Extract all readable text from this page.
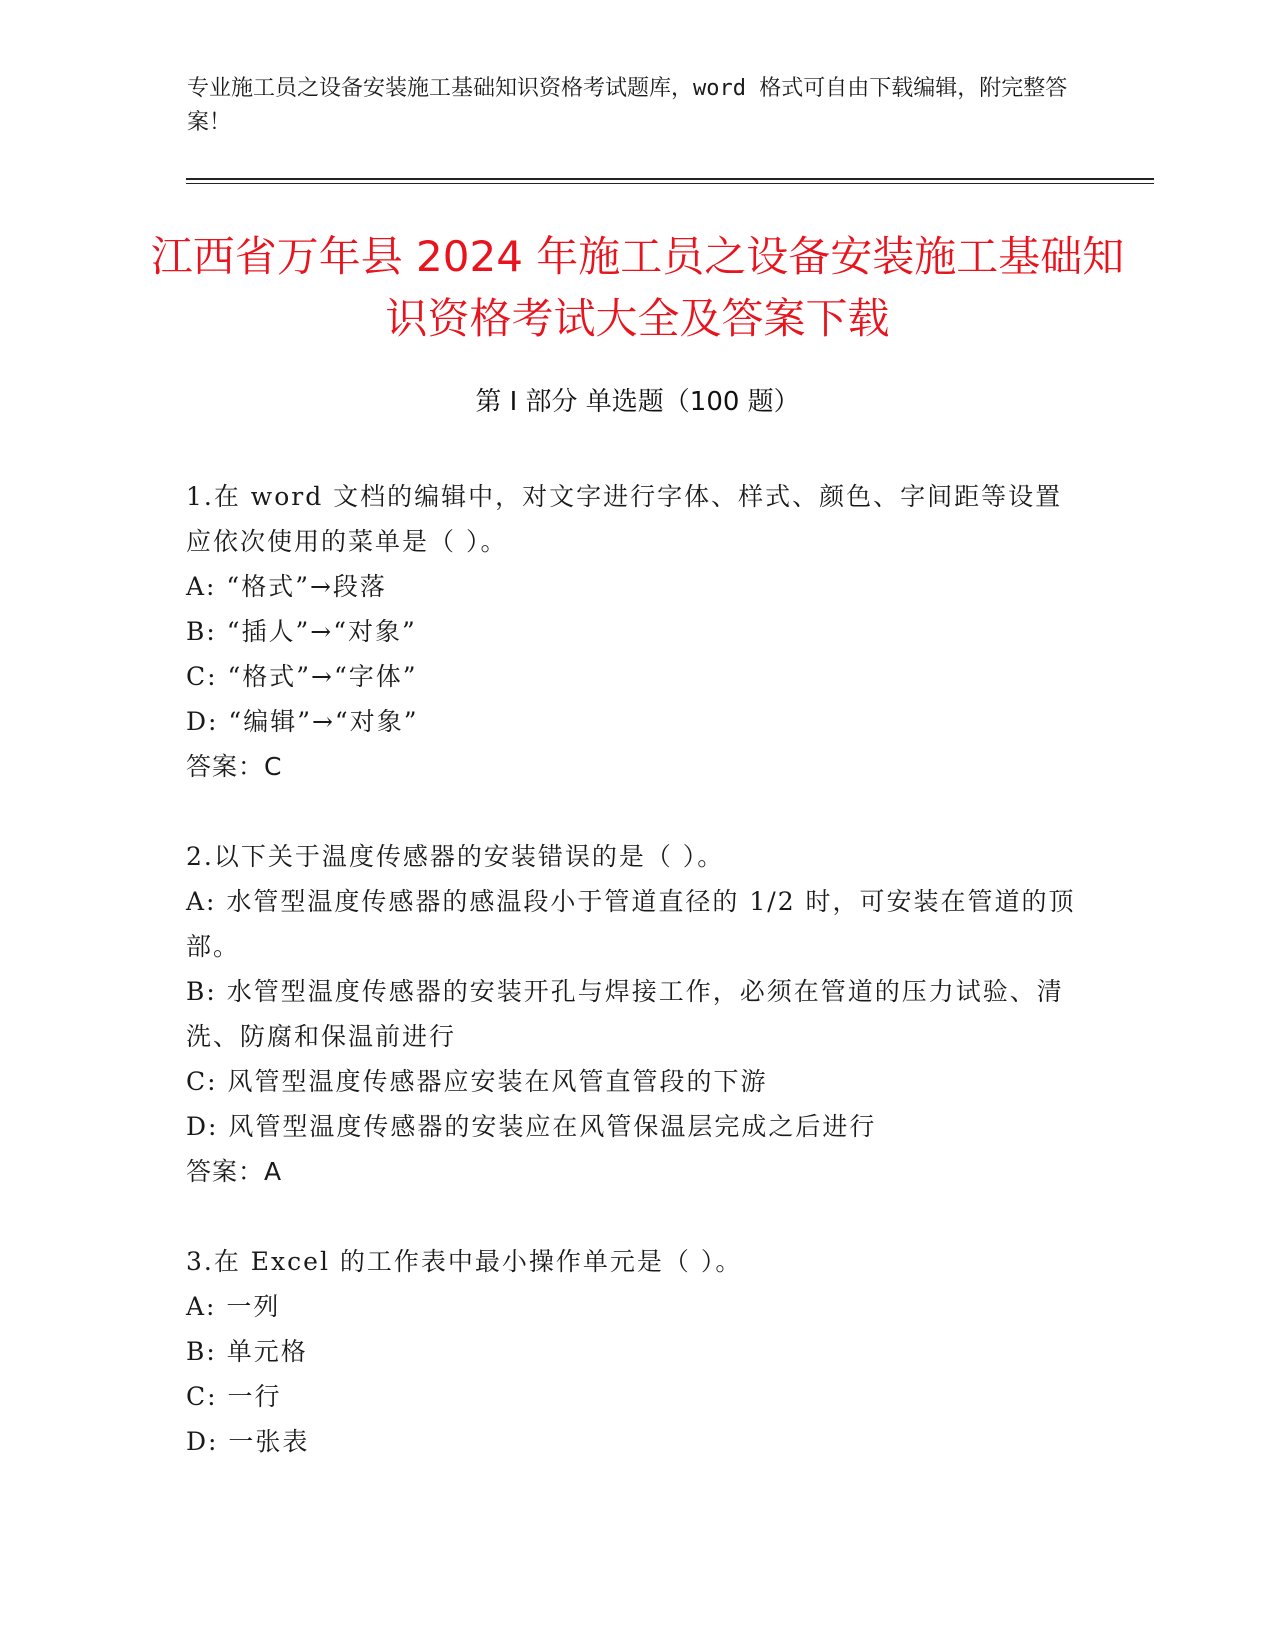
专业施工员之设备安装施工基础知识资格考试题库，word 格式可自由下载编辑，附完整答案！
江西省万年县 2024 年施工员之设备安装施工基础知识资格考试大全及答案下载
第 I 部分 单选题（100 题）

1.在 word 文档的编辑中，对文字进行字体、样式、颜色、字间距等设置应依次使用的菜单是（ ）。

A: “格式”→段落

B: “插人”→“对象”

C: “格式”→“字体”

D: “编辑”→“对象”

答案：C

2.以下关于温度传感器的安装错误的是（ ）。

A: 水管型温度传感器的感温段小于管道直径的 1/2 时，可安装在管道的顶部。

B: 水管型温度传感器的安装开孔与焊接工作，必须在管道的压力试验、清洗、防腐和保温前进行

C: 风管型温度传感器应安装在风管直管段的下游

D: 风管型温度传感器的安装应在风管保温层完成之后进行

答案：A

3.在 Excel 的工作表中最小操作单元是（ ）。

A: 一列

B: 单元格

C: 一行

D: 一张表
